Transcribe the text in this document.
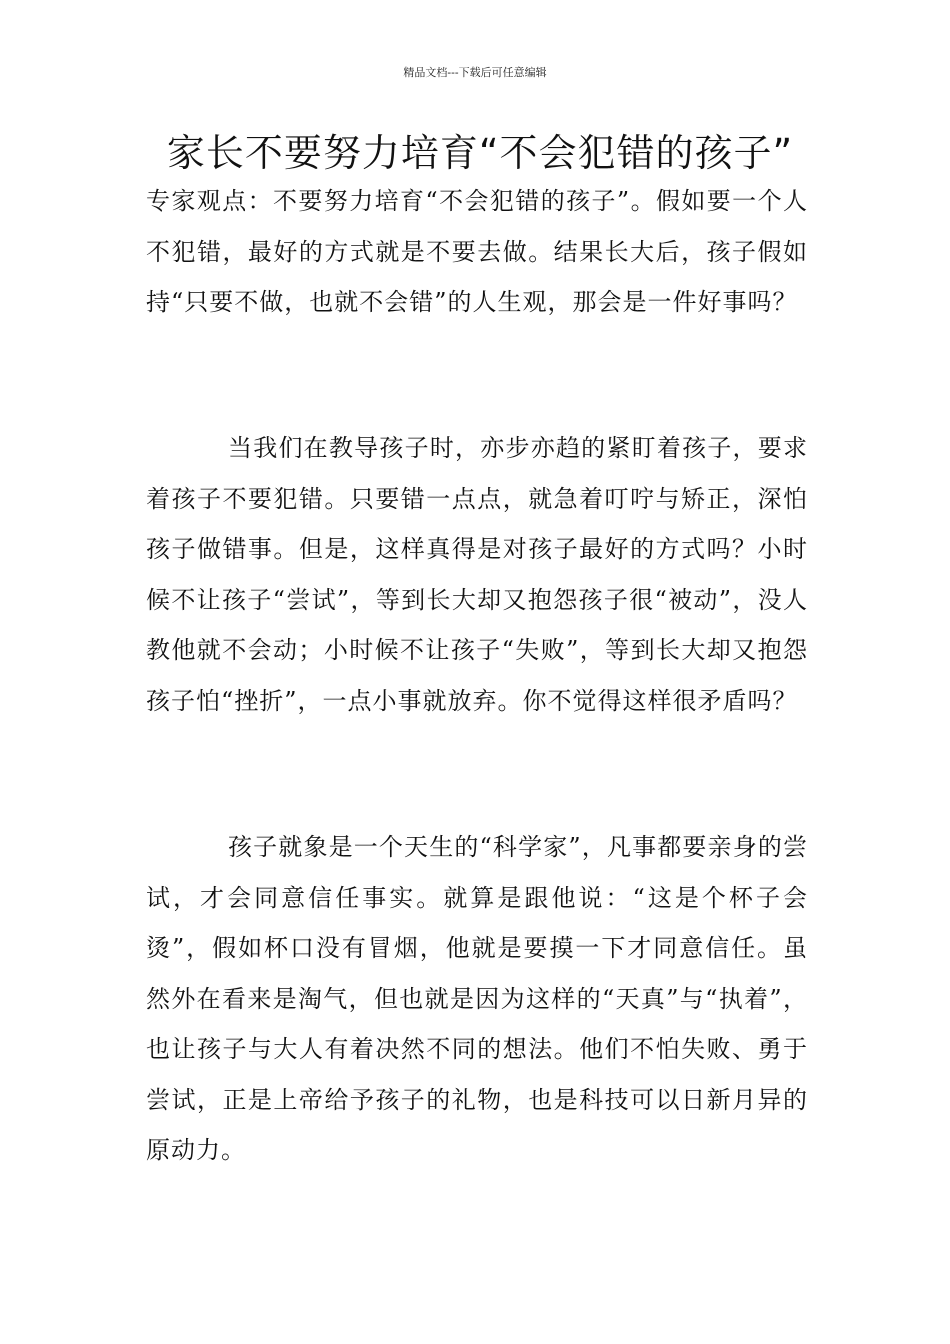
精品文档---下载后可任意编辑
家长不要努力培育“不会犯错的孩子”

专家观点：不要努力培育“不会犯错的孩子”。假如要一个人不犯错，最好的方式就是不要去做。结果长大后，孩子假如持“只要不做，也就不会错”的人生观，那会是一件好事吗？

当我们在教导孩子时，亦步亦趋的紧盯着孩子，要求着孩子不要犯错。只要错一点点，就急着叮咛与矫正，深怕孩子做错事。但是，这样真得是对孩子最好的方式吗？小时候不让孩子“尝试”，等到长大却又抱怨孩子很“被动”，没人教他就不会动；小时候不让孩子“失败”，等到长大却又抱怨孩子怕“挫折”，一点小事就放弃。你不觉得这样很矛盾吗？

孩子就象是一个天生的“科学家”，凡事都要亲身的尝试，才会同意信任事实。就算是跟他说：“这是个杯子会烫”，假如杯口没有冒烟，他就是要摸一下才同意信任。虽然外在看来是淘气，但也就是因为这样的“天真”与“执着”，也让孩子与大人有着决然不同的想法。他们不怕失败、勇于尝试，正是上帝给予孩子的礼物，也是科技可以日新月异的原动力。
